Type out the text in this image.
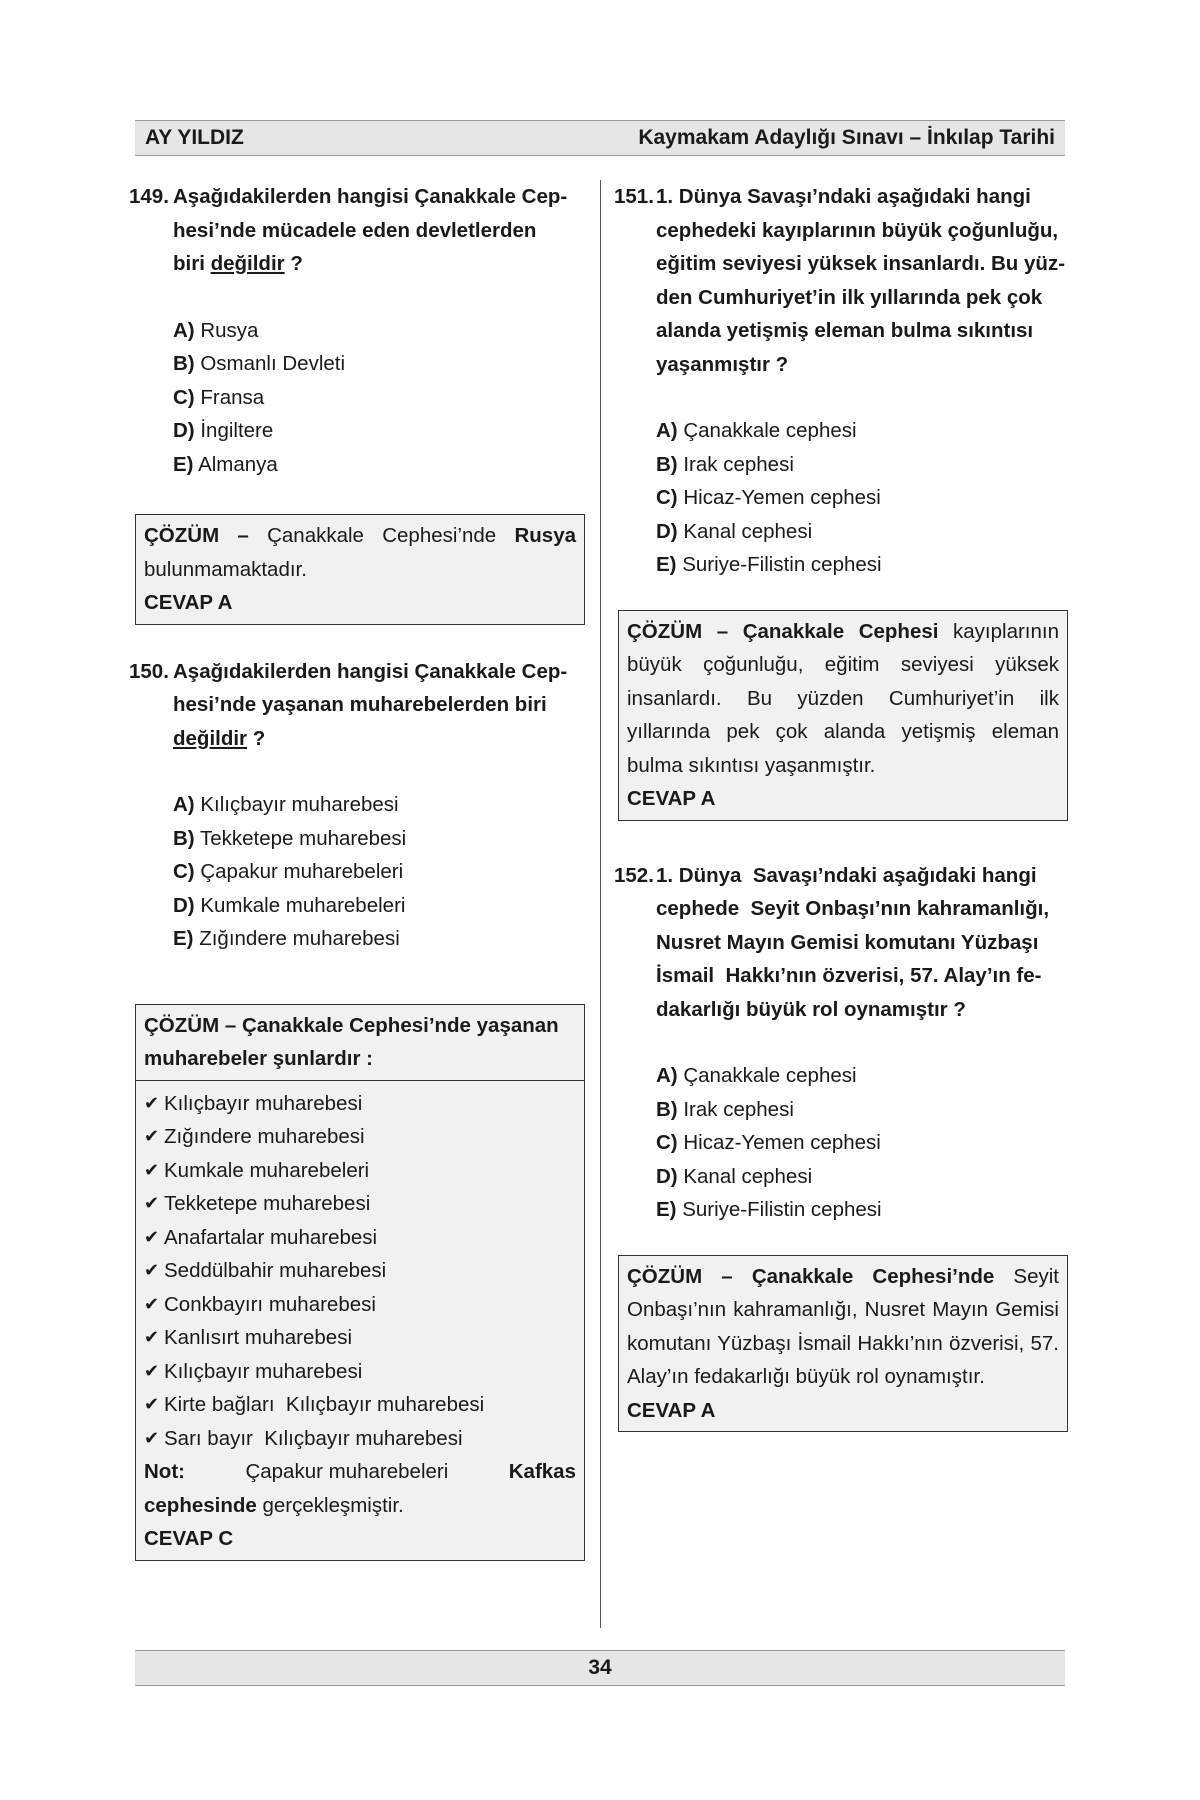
AY YILDIZ	Kaymakam Adaylığı Sınavı – İnkılap Tarihi
149. Aşağıdakilerden hangisi Çanakkale Cep-
hesi’nde mücadele eden devletlerden
biri değildir ?
A) Rusya
B) Osmanlı Devleti
C) Fransa
D) İngiltere
E) Almanya
ÇÖZÜM – Çanakkale Cephesi’nde Rusya bulunmamaktadır.
CEVAP A
150. Aşağıdakilerden hangisi Çanakkale Cep-
hesi’nde yaşanan muharebelerden biri
değildir ?
A) Kılıçbayır muharebesi
B) Tekketepe muharebesi
C) Çapakur muharebeleri
D) Kumkale muharebeleri
E) Zığındere muharebesi
ÇÖZÜM – Çanakkale Cephesi’nde yaşanan
muharebeler şunlardır :
✔ Kılıçbayır muharebesi
✔ Zığındere muharebesi
✔ Kumkale muharebeleri
✔ Tekketepe muharebesi
✔ Anafartalar muharebesi
✔ Seddülbahir muharebesi
✔ Conkbayırı muharebesi
✔ Kanlısırt muharebesi
✔ Kılıçbayır muharebesi
✔ Kirte bağları  Kılıçbayır muharebesi
✔ Sarı bayır  Kılıçbayır muharebesi
Not:	Çapakur muharebeleri	Kafkas
cephesinde gerçekleşmiştir.
CEVAP C
151. 1. Dünya Savaşı’ndaki aşağıdaki hangi
cephedeki kayıplarının büyük çoğunluğu,
eğitim seviyesi yüksek insanlardı. Bu yüz-
den Cumhuriyet’in ilk yıllarında pek çok
alanda yetişmiş eleman bulma sıkıntısı
yaşanmıştır ?
A) Çanakkale cephesi
B) Irak cephesi
C) Hicaz-Yemen cephesi
D) Kanal cephesi
E) Suriye-Filistin cephesi
ÇÖZÜM – Çanakkale Cephesi kayıplarının büyük çoğunluğu, eğitim seviyesi yüksek insanlardı. Bu yüzden Cumhuriyet’in ilk yıllarında pek çok alanda yetişmiş eleman bulma sıkıntısı yaşanmıştır.
CEVAP A
152. 1. Dünya  Savaşı’ndaki aşağıdaki hangi
cephede  Seyit Onbaşı’nın kahramanlığı,
Nusret Mayın Gemisi komutanı Yüzbaşı
İsmail  Hakkı’nın özverisi, 57. Alay’ın fe-
dakarlığı büyük rol oynamıştır ?
A) Çanakkale cephesi
B) Irak cephesi
C) Hicaz-Yemen cephesi
D) Kanal cephesi
E) Suriye-Filistin cephesi
ÇÖZÜM – Çanakkale Cephesi’nde Seyit Onbaşı’nın kahramanlığı, Nusret Mayın Gemisi komutanı Yüzbaşı İsmail Hakkı’nın özverisi, 57. Alay’ın fedakarlığı büyük rol oynamıştır.
CEVAP A
34
